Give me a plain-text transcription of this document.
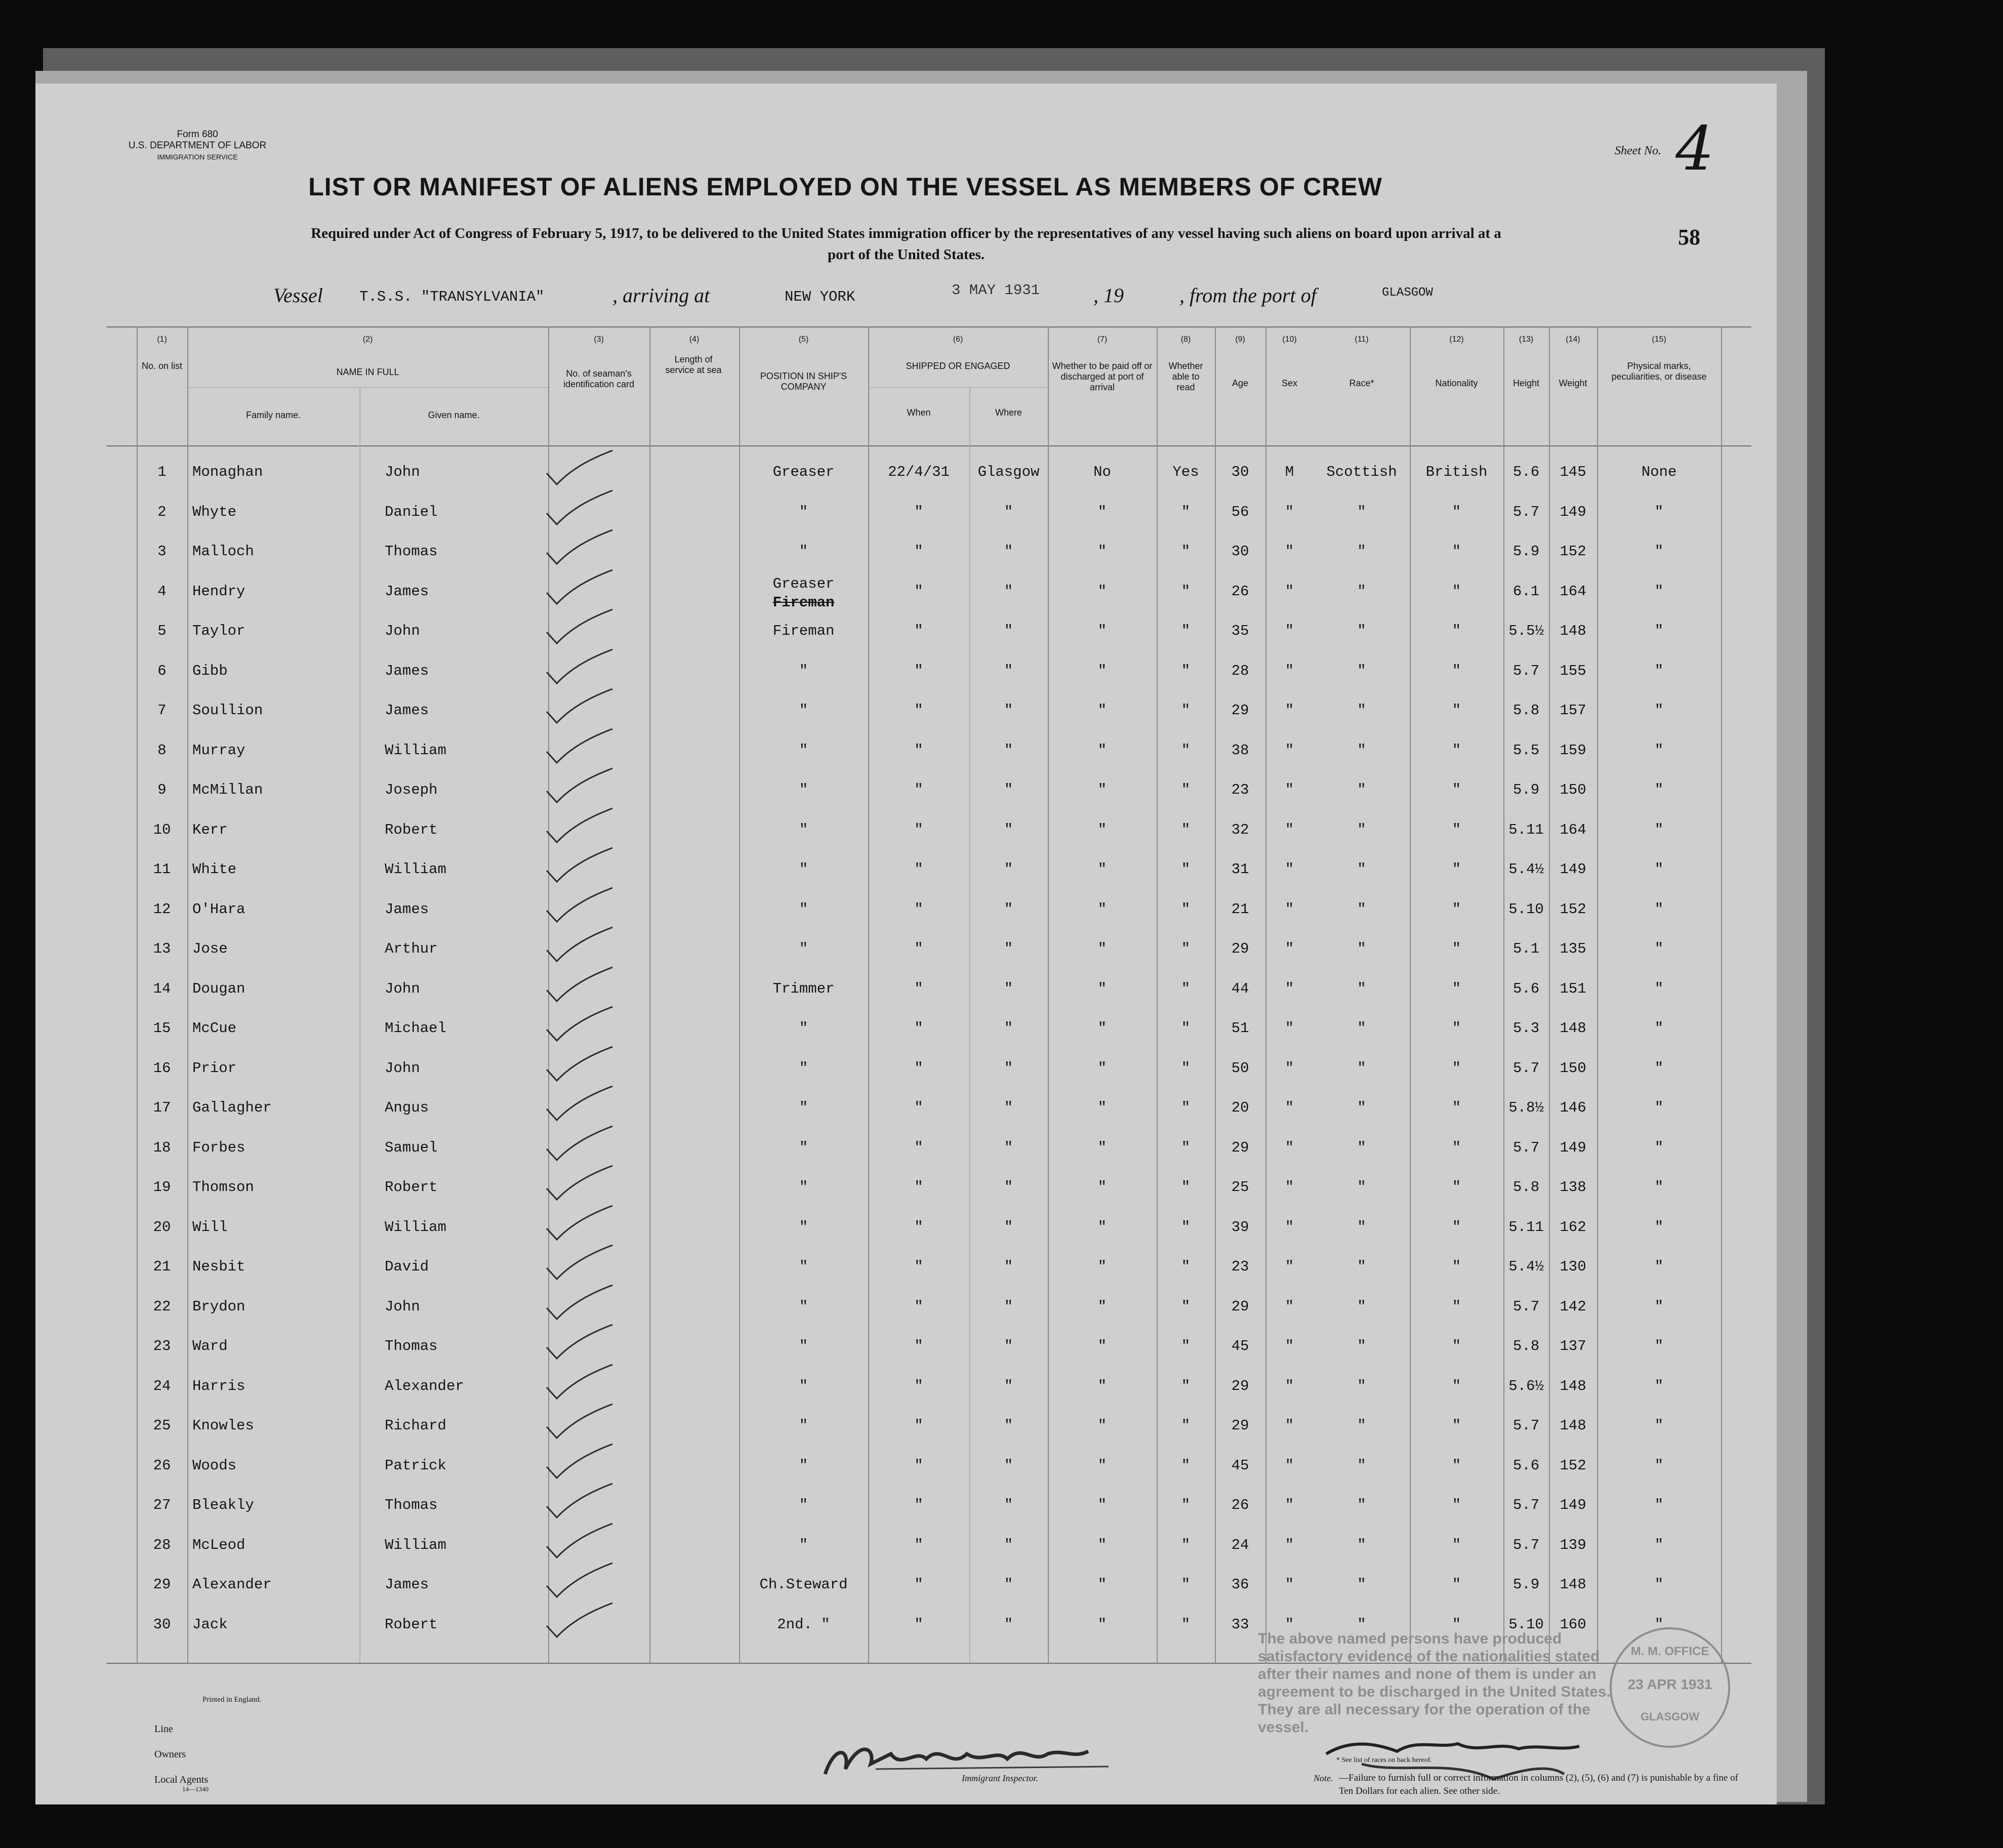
Form 680
U.S. DEPARTMENT OF LABOR
IMMIGRATION SERVICE	Sheet No. 4
58
LIST OR MANIFEST OF ALIENS EMPLOYED ON THE VESSEL AS MEMBERS OF CREW
Required under Act of Congress of February 5, 1917, to be delivered to the United States immigration officer by the representatives of any vessel having such aliens on board upon arrival at a port of the United States.
Vessel T.S.S. "TRANSYLVANIA"	, arriving at	NEW YORK	3 MAY 1931	, 19	, from the port of	GLASGOW
(1)	(2)	(3)	(4)	(5)	(6)	(7)	(8)	(9)	(10)	(11)	(12)	(13)	(14)	(15)
No. on list
NAME IN FULL
Family name.	Given name.
No. of seaman's identification card
Length of service at sea
POSITION IN SHIP'S COMPANY
SHIPPED OR ENGAGED
When	Where
Whether to be paid off or discharged at port of arrival
Whether able to read	Age	Sex	Race*	Nationality	Height	Weight
Physical marks, peculiarities, or disease
1	Monaghan	John	Greaser	22/4/31	Glasgow	No	Yes	30	M	Scottish	British	5.6	145	None
2	Whyte	Daniel	"	"	"	"	"	56	"	"	"	5.7	149	"
3	Malloch	Thomas	"	"	"	"	"	30	"	"	"	5.9	152	"
4	Hendry	James	Greaser	"	"	"	"	26	"	"	"	6.1	164	"
Fireman
5	Taylor	John	Fireman	"	"	"	"	35	"	"	"	5.5½	148	"
6	Gibb	James	"	"	"	"	"	28	"	"	"	5.7	155	"
7	Soullion	James	"	"	"	"	"	29	"	"	"	5.8	157	"
8	Murray	William	"	"	"	"	"	38	"	"	"	5.5	159	"
9	McMillan	Joseph	"	"	"	"	"	23	"	"	"	5.9	150	"
10	Kerr	Robert	"	"	"	"	"	32	"	"	"	5.11	164	"
11	White	William	"	"	"	"	"	31	"	"	"	5.4½	149	"
12	O'Hara	James	"	"	"	"	"	21	"	"	"	5.10	152	"
13	Jose	Arthur	"	"	"	"	"	29	"	"	"	5.1	135	"
14	Dougan	John	Trimmer	"	"	"	"	44	"	"	"	5.6	151	"
15	McCue	Michael	"	"	"	"	"	51	"	"	"	5.3	148	"
16	Prior	John	"	"	"	"	"	50	"	"	"	5.7	150	"
17	Gallagher	Angus	"	"	"	"	"	20	"	"	"	5.8½	146	"
18	Forbes	Samuel	"	"	"	"	"	29	"	"	"	5.7	149	"
19	Thomson	Robert	"	"	"	"	"	25	"	"	"	5.8	138	"
20	Will	William	"	"	"	"	"	39	"	"	"	5.11	162	"
21	Nesbit	David	"	"	"	"	"	23	"	"	"	5.4½	130	"
22	Brydon	John	"	"	"	"	"	29	"	"	"	5.7	142	"
23	Ward	Thomas	"	"	"	"	"	45	"	"	"	5.8	137	"
24	Harris	Alexander	"	"	"	"	"	29	"	"	"	5.6½	148	"
25	Knowles	Richard	"	"	"	"	"	29	"	"	"	5.7	148	"
26	Woods	Patrick	"	"	"	"	"	45	"	"	"	5.6	152	"
27	Bleakly	Thomas	"	"	"	"	"	26	"	"	"	5.7	149	"
28	McLeod	William	"	"	"	"	"	24	"	"	"	5.7	139	"
29	Alexander	James	Ch.Steward	"	"	"	"	36	"	"	"	5.9	148	"
30	Jack	Robert	2nd. "	"	"	"	"	33	"	"	"	5.10	160	"
Printed in England.
Line
Owners
Local Agents
14—1340
Immigrant Inspector.
The above named persons have produced satisfactory evidence of the nationalities stated after their names and none of them is under an agreement to be discharged in the United States. They are all necessary for the operation of the vessel.
M. M. OFFICE
23 APR 1931
GLASGOW
* See list of races on back hereof.
Note. —Failure to furnish full or correct information in columns (2), (5), (6) and (7) is punishable by a fine of Ten Dollars for each alien. See other side.
